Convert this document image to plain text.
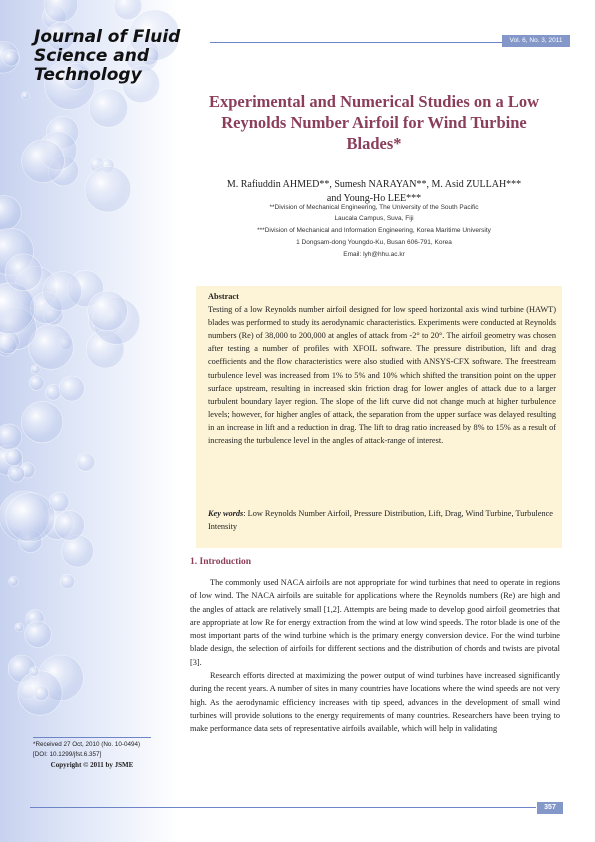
Journal of Fluid
Science and
Technology
Vol. 6, No. 3, 2011
Experimental and Numerical Studies on a Low
Reynolds Number Airfoil for Wind Turbine
Blades*
M. Rafiuddin AHMED**, Sumesh NARAYAN**, M. Asid ZULLAH***
and Young-Ho LEE***
**Division of Mechanical Engineering, The University of the South Pacific
Laucala Campus, Suva, Fiji
***Division of Mechanical and Information Engineering, Korea Maritime University
1 Dongsam-dong Youngdo-Ku, Busan 606-791, Korea
Email: lyh@hhu.ac.kr
Abstract
Testing of a low Reynolds number airfoil designed for low speed horizontal axis wind turbine (HAWT) blades was performed to study its aerodynamic characteristics. Experiments were conducted at Reynolds numbers (Re) of 38,000 to 200,000 at angles of attack from -2° to 20°. The airfoil geometry was chosen after testing a number of profiles with XFOIL software. The pressure distribution, lift and drag coefficients and the flow characteristics were also studied with ANSYS-CFX software. The freestream turbulence level was increased from 1% to 5% and 10% which shifted the transition point on the upper surface upstream, resulting in increased skin friction drag for lower angles of attack due to a larger turbulent boundary layer region. The slope of the lift curve did not change much at higher turbulence levels; however, for higher angles of attack, the separation from the upper surface was delayed resulting in an increase in lift and a reduction in drag. The lift to drag ratio increased by 8% to 15% as a result of increasing the turbulence level in the angles of attack-range of interest.
Key words: Low Reynolds Number Airfoil, Pressure Distribution, Lift, Drag, Wind Turbine, Turbulence Intensity
1. Introduction

The commonly used NACA airfoils are not appropriate for wind turbines that need to operate in regions of low wind. The NACA airfoils are suitable for applications where the Reynolds numbers (Re) are high and the angles of attack are relatively small [1,2]. Attempts are being made to develop good airfoil geometries that are appropriate at low Re for energy extraction from the wind at low wind speeds. The rotor blade is one of the most important parts of the wind turbine which is the primary energy conversion device. For the wind turbine blade design, the selection of airfoils for different sections and the distribution of chords and twists are pivotal [3].

Research efforts directed at maximizing the power output of wind turbines have increased significantly during the recent years. A number of sites in many countries have locations where the wind speeds are not very high. As the aerodynamic efficiency increases with tip speed, advances in the development of small wind turbines will provide solutions to the energy requirements of many countries. Researchers have been trying to make performance data sets of representative airfoils available, which will help in validating

*Received 27 Oct, 2010 (No. 10-0494)
[DOI: 10.1299/jfst.6.357]
Copyright © 2011 by JSME
357
